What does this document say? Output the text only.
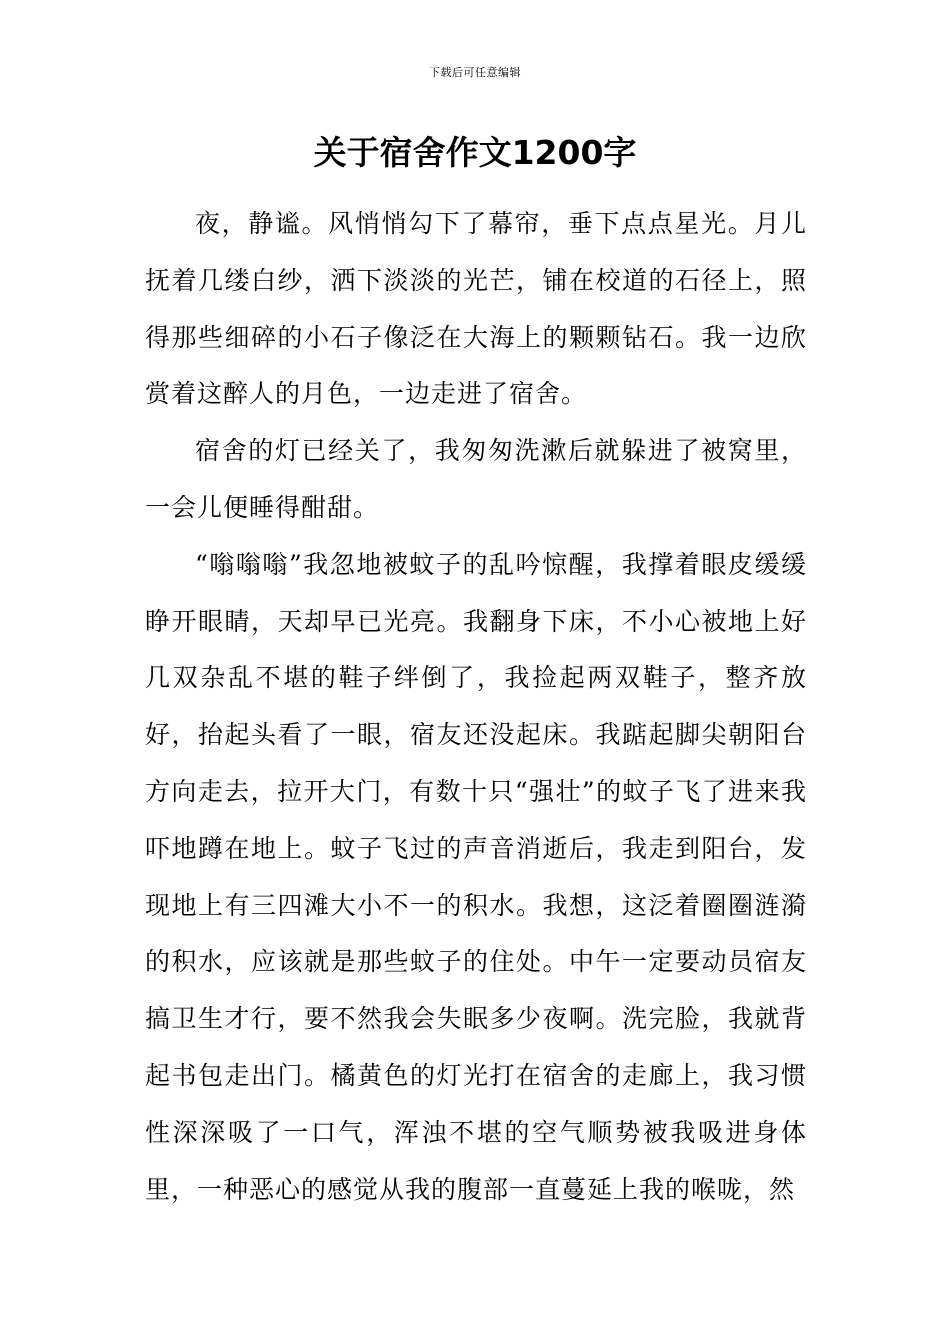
下载后可任意编辑
关于宿舍作文1200字

夜，静谧。风悄悄勾下了幕帘，垂下点点星光。月儿抚着几缕白纱，洒下淡淡的光芒，铺在校道的石径上，照得那些细碎的小石子像泛在大海上的颗颗钻石。我一边欣赏着这醉人的月色，一边走进了宿舍。

宿舍的灯已经关了，我匆匆洗漱后就躲进了被窝里，一会儿便睡得酣甜。

“嗡嗡嗡”我忽地被蚊子的乱吟惊醒，我撑着眼皮缓缓睁开眼睛，天却早已光亮。我翻身下床，不小心被地上好几双杂乱不堪的鞋子绊倒了，我捡起两双鞋子，整齐放好，抬起头看了一眼，宿友还没起床。我踮起脚尖朝阳台方向走去，拉开大门，有数十只“强壮”的蚊子飞了进来我吓地蹲在地上。蚊子飞过的声音消逝后，我走到阳台，发现地上有三四滩大小不一的积水。我想，这泛着圈圈涟漪的积水，应该就是那些蚊子的住处。中午一定要动员宿友搞卫生才行，要不然我会失眠多少夜啊。洗完脸，我就背起书包走出门。橘黄色的灯光打在宿舍的走廊上，我习惯性深深吸了一口气，浑浊不堪的空气顺势被我吸进身体里，一种恶心的感觉从我的腹部一直蔓延上我的喉咙，然
